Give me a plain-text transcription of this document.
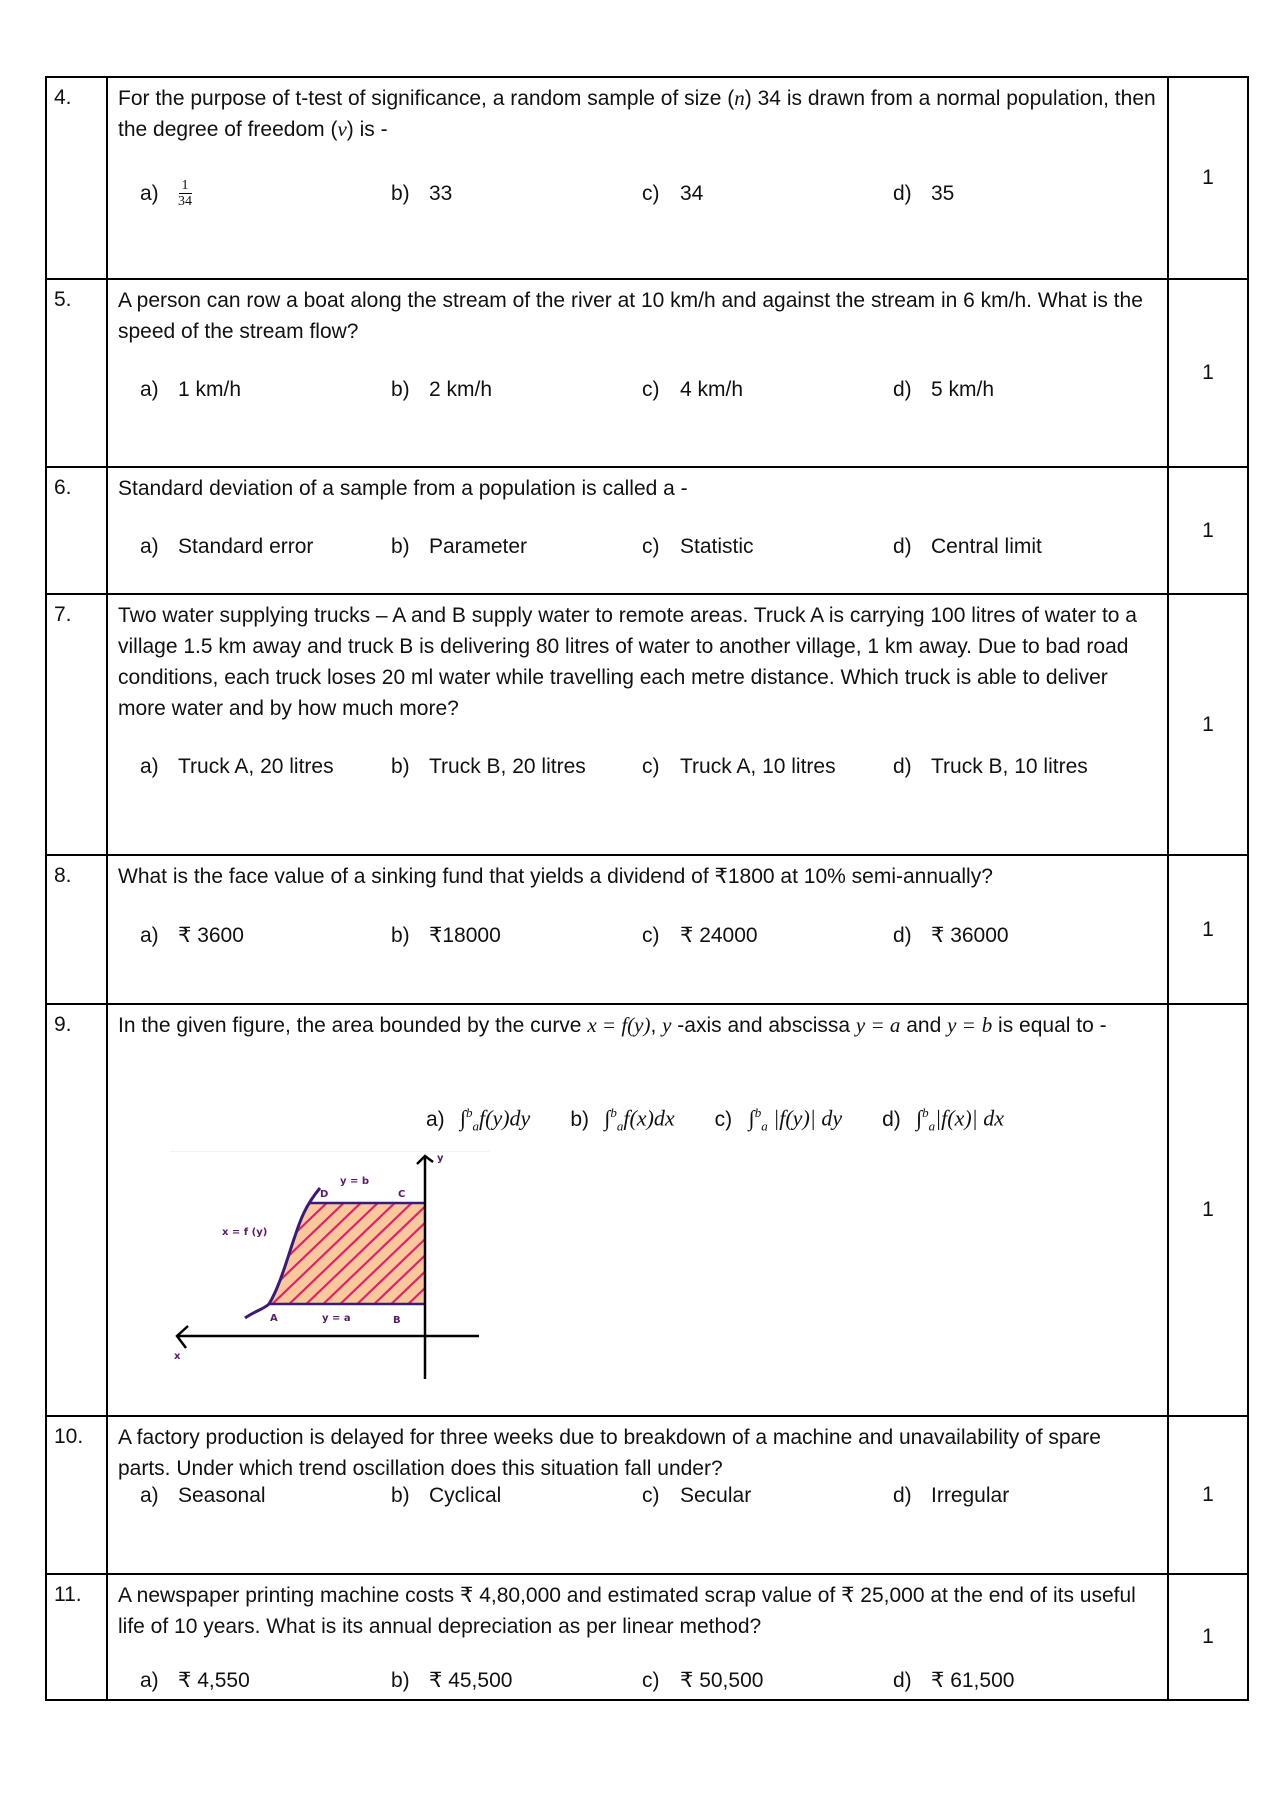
4.	For the purpose of t-test of significance, a random sample of size (n) 34 is drawn from a normal population, then the degree of freedom (v) is -
a)	$\frac{1}{34}$	b) 33	c) 34	d) 35
	1
5.	A person can row a boat along the stream of the river at 10 km/h and against the stream in 6 km/h. What is the speed of the stream flow?
a) 1 km/h	b) 2 km/h	c) 4 km/h	d) 5 km/h
	1
6.	Standard deviation of a sample from a population is called a -
a) Standard error	b) Parameter	c) Statistic	d) Central limit
	1
7.	Two water supplying trucks – A and B supply water to remote areas. Truck A is carrying 100 litres of water to a village 1.5 km away and truck B is delivering 80 litres of water to another village, 1 km away. Due to bad road conditions, each truck loses 20 ml water while travelling each metre distance. Which truck is able to deliver more water and by how much more?
a) Truck A, 20 litres	b) Truck B, 20 litres	c) Truck A, 10 litres	d) Truck B, 10 litres
	1
8.	What is the face value of a sinking fund that yields a dividend of ₹1800 at 10% semi-annually?
a) ₹ 3600	b) ₹18000	c) ₹ 24000	d) ₹ 36000	1
9.	In the given figure, the area bounded by the curve x = f(y), y -axis and abscissa y = a and y = b is equal to -
a) ∫$^b_a$f(y)dy b) ∫$^b_a$f(x)dx c) ∫$^b_a$ |f(y)| dy d) ∫$^b_a$|f(x)| dx
y
x
x = f (y)
y = b
y = a
A	B
C
D
	1
10.	A factory production is delayed for three weeks due to breakdown of a machine and unavailability of spare parts. Under which trend oscillation does this situation fall under?
a) Seasonal	b) Cyclical	c) Secular	d) Irregular	1
11.	A newspaper printing machine costs ₹ 4,80,000 and estimated scrap value of ₹ 25,000 at the end of its useful life of 10 years. What is its annual depreciation as per linear method?
a) ₹ 4,550	b) ₹ 45,500	c) ₹ 50,500	d) ₹ 61,500
	1
